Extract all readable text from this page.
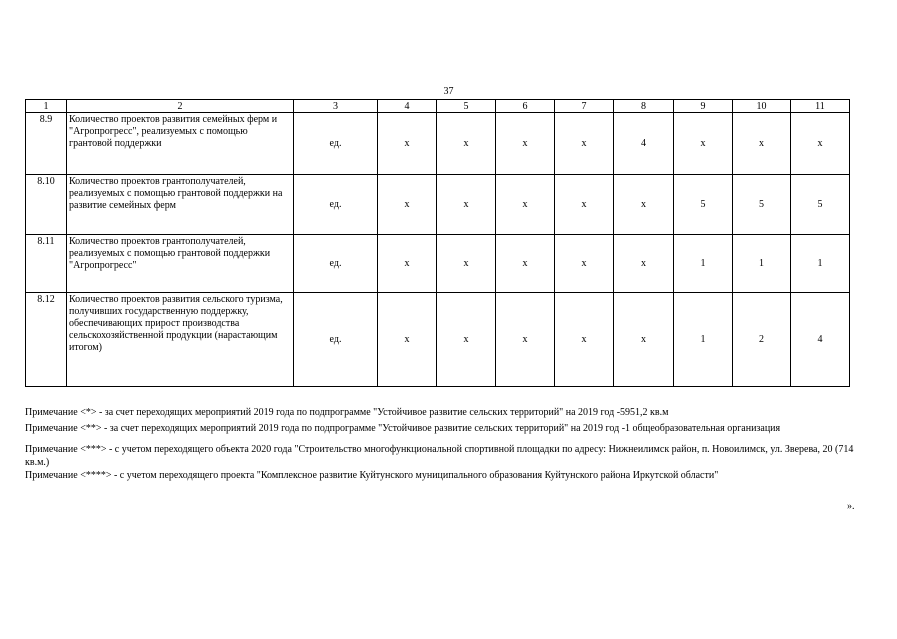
37
1	2	3	4	5	6	7	8	9	10	11
8.9	Количество проектов развития семейных ферм и "Агропрогресс", реализуемых с помощью грантовой поддержки	ед.	х	х	х	х	4	х	х	х
8.10	Количество проектов грантополучателей, реализуемых с помощью грантовой поддержки на развитие семейных ферм	ед.	х	х	х	х	х	5	5	5
8.11	Количество проектов грантополучателей, реализуемых с помощью грантовой поддержки "Агропрогресс"	ед.	х	х	х	х	х	1	1	1
8.12	Количество проектов развития сельского туризма, получивших государственную поддержку, обеспечивающих прирост производства сельскохозяйственной продукции (нарастающим итогом)	ед.	х	х	х	х	х	1	2	4

Примечание <*> - за счет переходящих мероприятий 2019 года по подпрограмме "Устойчивое развитие сельских территорий" на 2019 год -5951,2 кв.м

Примечание <**> - за счет переходящих мероприятий 2019 года по подпрограмме "Устойчивое развитие сельских территорий" на 2019 год -1 общеобразовательная организация

Примечание <***> - с учетом переходящего объекта 2020 года "Строительство многофункциональной спортивной площадки по адресу: Нижнеилимск район, п. Новоилимск, ул. Зверева, 20 (714 кв.м.)

Примечание <****> - с учетом переходящего проекта "Комплексное развитие Куйтунского муниципального образования Куйтунского района Иркутской области"

».
